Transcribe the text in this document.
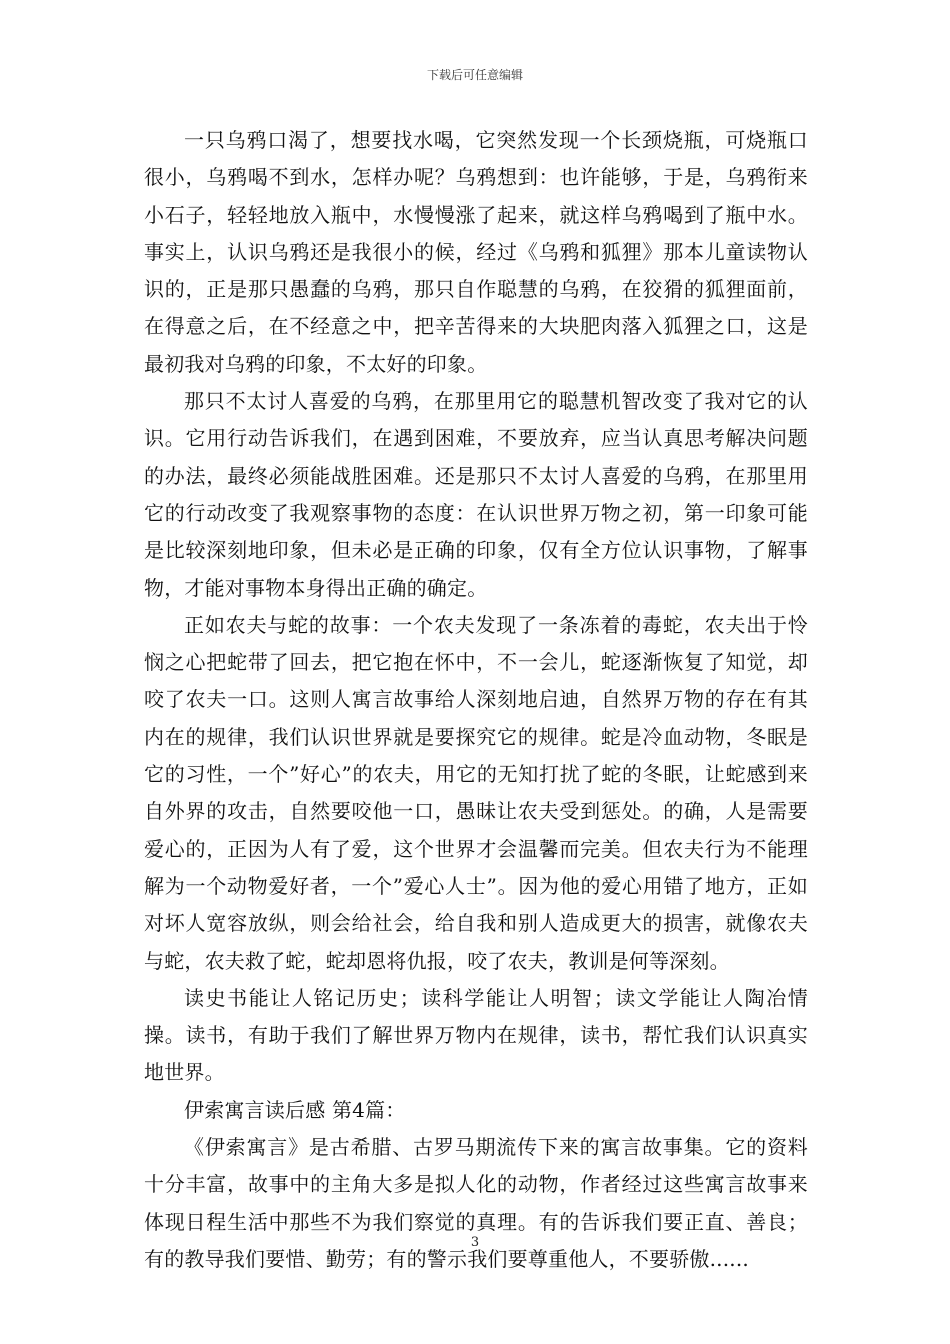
下载后可任意编辑

一只乌鸦口渴了，想要找水喝，它突然发现一个长颈烧瓶，可烧瓶口很小，乌鸦喝不到水，怎样办呢？乌鸦想到：也许能够，于是，乌鸦衔来小石子，轻轻地放入瓶中，水慢慢涨了起来，就这样乌鸦喝到了瓶中水。事实上，认识乌鸦还是我很小的候，经过《乌鸦和狐狸》那本儿童读物认识的，正是那只愚蠢的乌鸦，那只自作聪慧的乌鸦，在狡猾的狐狸面前，在得意之后，在不经意之中，把辛苦得来的大块肥肉落入狐狸之口，这是最初我对乌鸦的印象，不太好的印象。

那只不太讨人喜爱的乌鸦，在那里用它的聪慧机智改变了我对它的认识。它用行动告诉我们，在遇到困难，不要放弃，应当认真思考解决问题的办法，最终必须能战胜困难。还是那只不太讨人喜爱的乌鸦，在那里用它的行动改变了我观察事物的态度：在认识世界万物之初，第一印象可能是比较深刻地印象，但未必是正确的印象，仅有全方位认识事物，了解事物，才能对事物本身得出正确的确定。

正如农夫与蛇的故事：一个农夫发现了一条冻着的毒蛇，农夫出于怜悯之心把蛇带了回去，把它抱在怀中，不一会儿，蛇逐渐恢复了知觉，却咬了农夫一口。这则人寓言故事给人深刻地启迪，自然界万物的存在有其内在的规律，我们认识世界就是要探究它的规律。蛇是冷血动物，冬眠是它的习性，一个”好心”的农夫，用它的无知打扰了蛇的冬眠，让蛇感到来自外界的攻击，自然要咬他一口，愚昧让农夫受到惩处。的确，人是需要爱心的，正因为人有了爱，这个世界才会温馨而完美。但农夫行为不能理解为一个动物爱好者，一个”爱心人士”。因为他的爱心用错了地方，正如对坏人宽容放纵，则会给社会，给自我和别人造成更大的损害，就像农夫与蛇，农夫救了蛇，蛇却恩将仇报，咬了农夫，教训是何等深刻。

读史书能让人铭记历史；读科学能让人明智；读文学能让人陶冶情操。读书，有助于我们了解世界万物内在规律，读书，帮忙我们认识真实地世界。

伊索寓言读后感 第4篇：

《伊索寓言》是古希腊、古罗马期流传下来的寓言故事集。它的资料十分丰富，故事中的主角大多是拟人化的动物，作者经过这些寓言故事来体现日程生活中那些不为我们察觉的真理。有的告诉我们要正直、善良；有的教导我们要惜、勤劳；有的警示我们要尊重他人，不要骄傲......

3
